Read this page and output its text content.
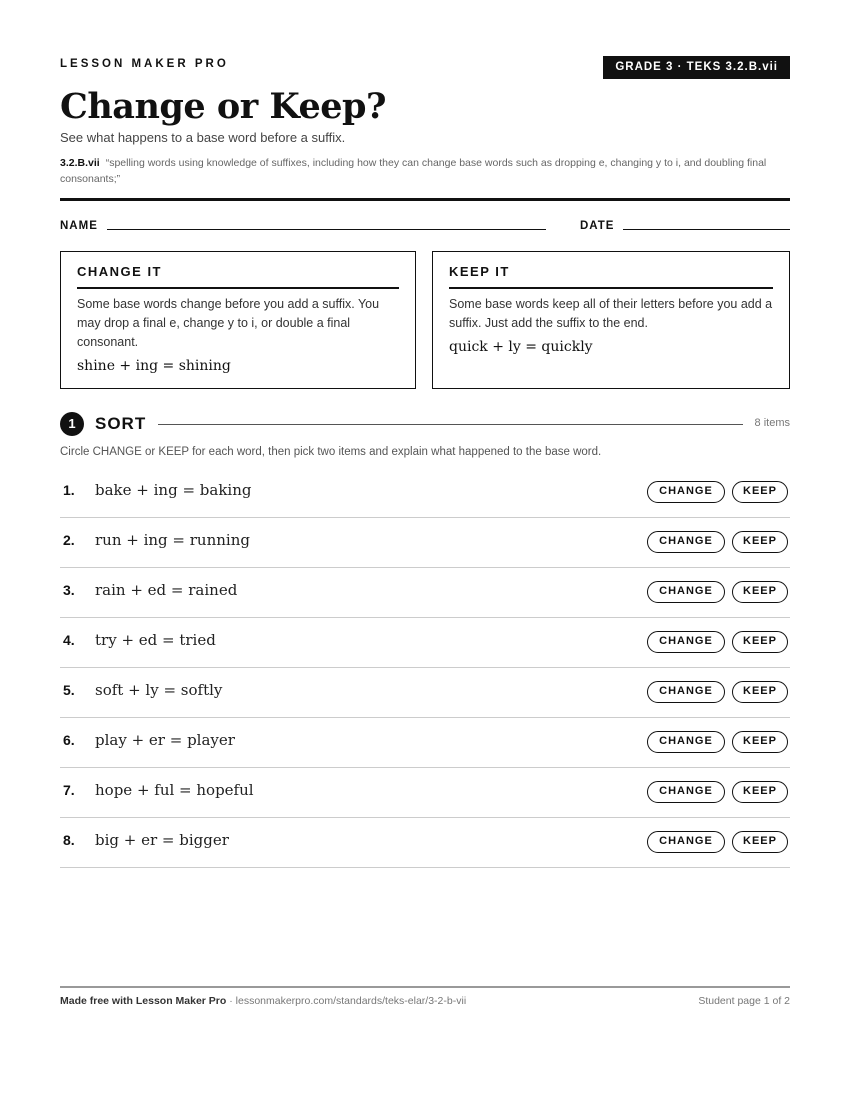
LESSON MAKER PRO	GRADE 3 · TEKS 3.2.B.vii
Change or Keep?
See what happens to a base word before a suffix.
3.2.B.vii “spelling words using knowledge of suffixes, including how they can change base words such as dropping e, changing y to i, and doubling final consonants;”
NAME	DATE
CHANGE IT

Some base words change before you add a suffix. You may drop a final e, change y to i, or double a final consonant.

shine + ing = shining
KEEP IT

Some base words keep all of their letters before you add a suffix. Just add the suffix to the end.

quick + ly = quickly
1	SORT	8 items
Circle CHANGE or KEEP for each word, then pick two items and explain what happened to the base word.
1. bake + ing = baking	CHANGE	KEEP
2. run + ing = running	CHANGE	KEEP
3. rain + ed = rained	CHANGE	KEEP
4. try + ed = tried	CHANGE	KEEP
5. soft + ly = softly	CHANGE	KEEP
6. play + er = player	CHANGE	KEEP
7. hope + ful = hopeful	CHANGE	KEEP
8. big + er = bigger	CHANGE	KEEP
Made free with Lesson Maker Pro · lessonmakerpro.com/standards/teks-elar/3-2-b-vii	Student page 1 of 2
